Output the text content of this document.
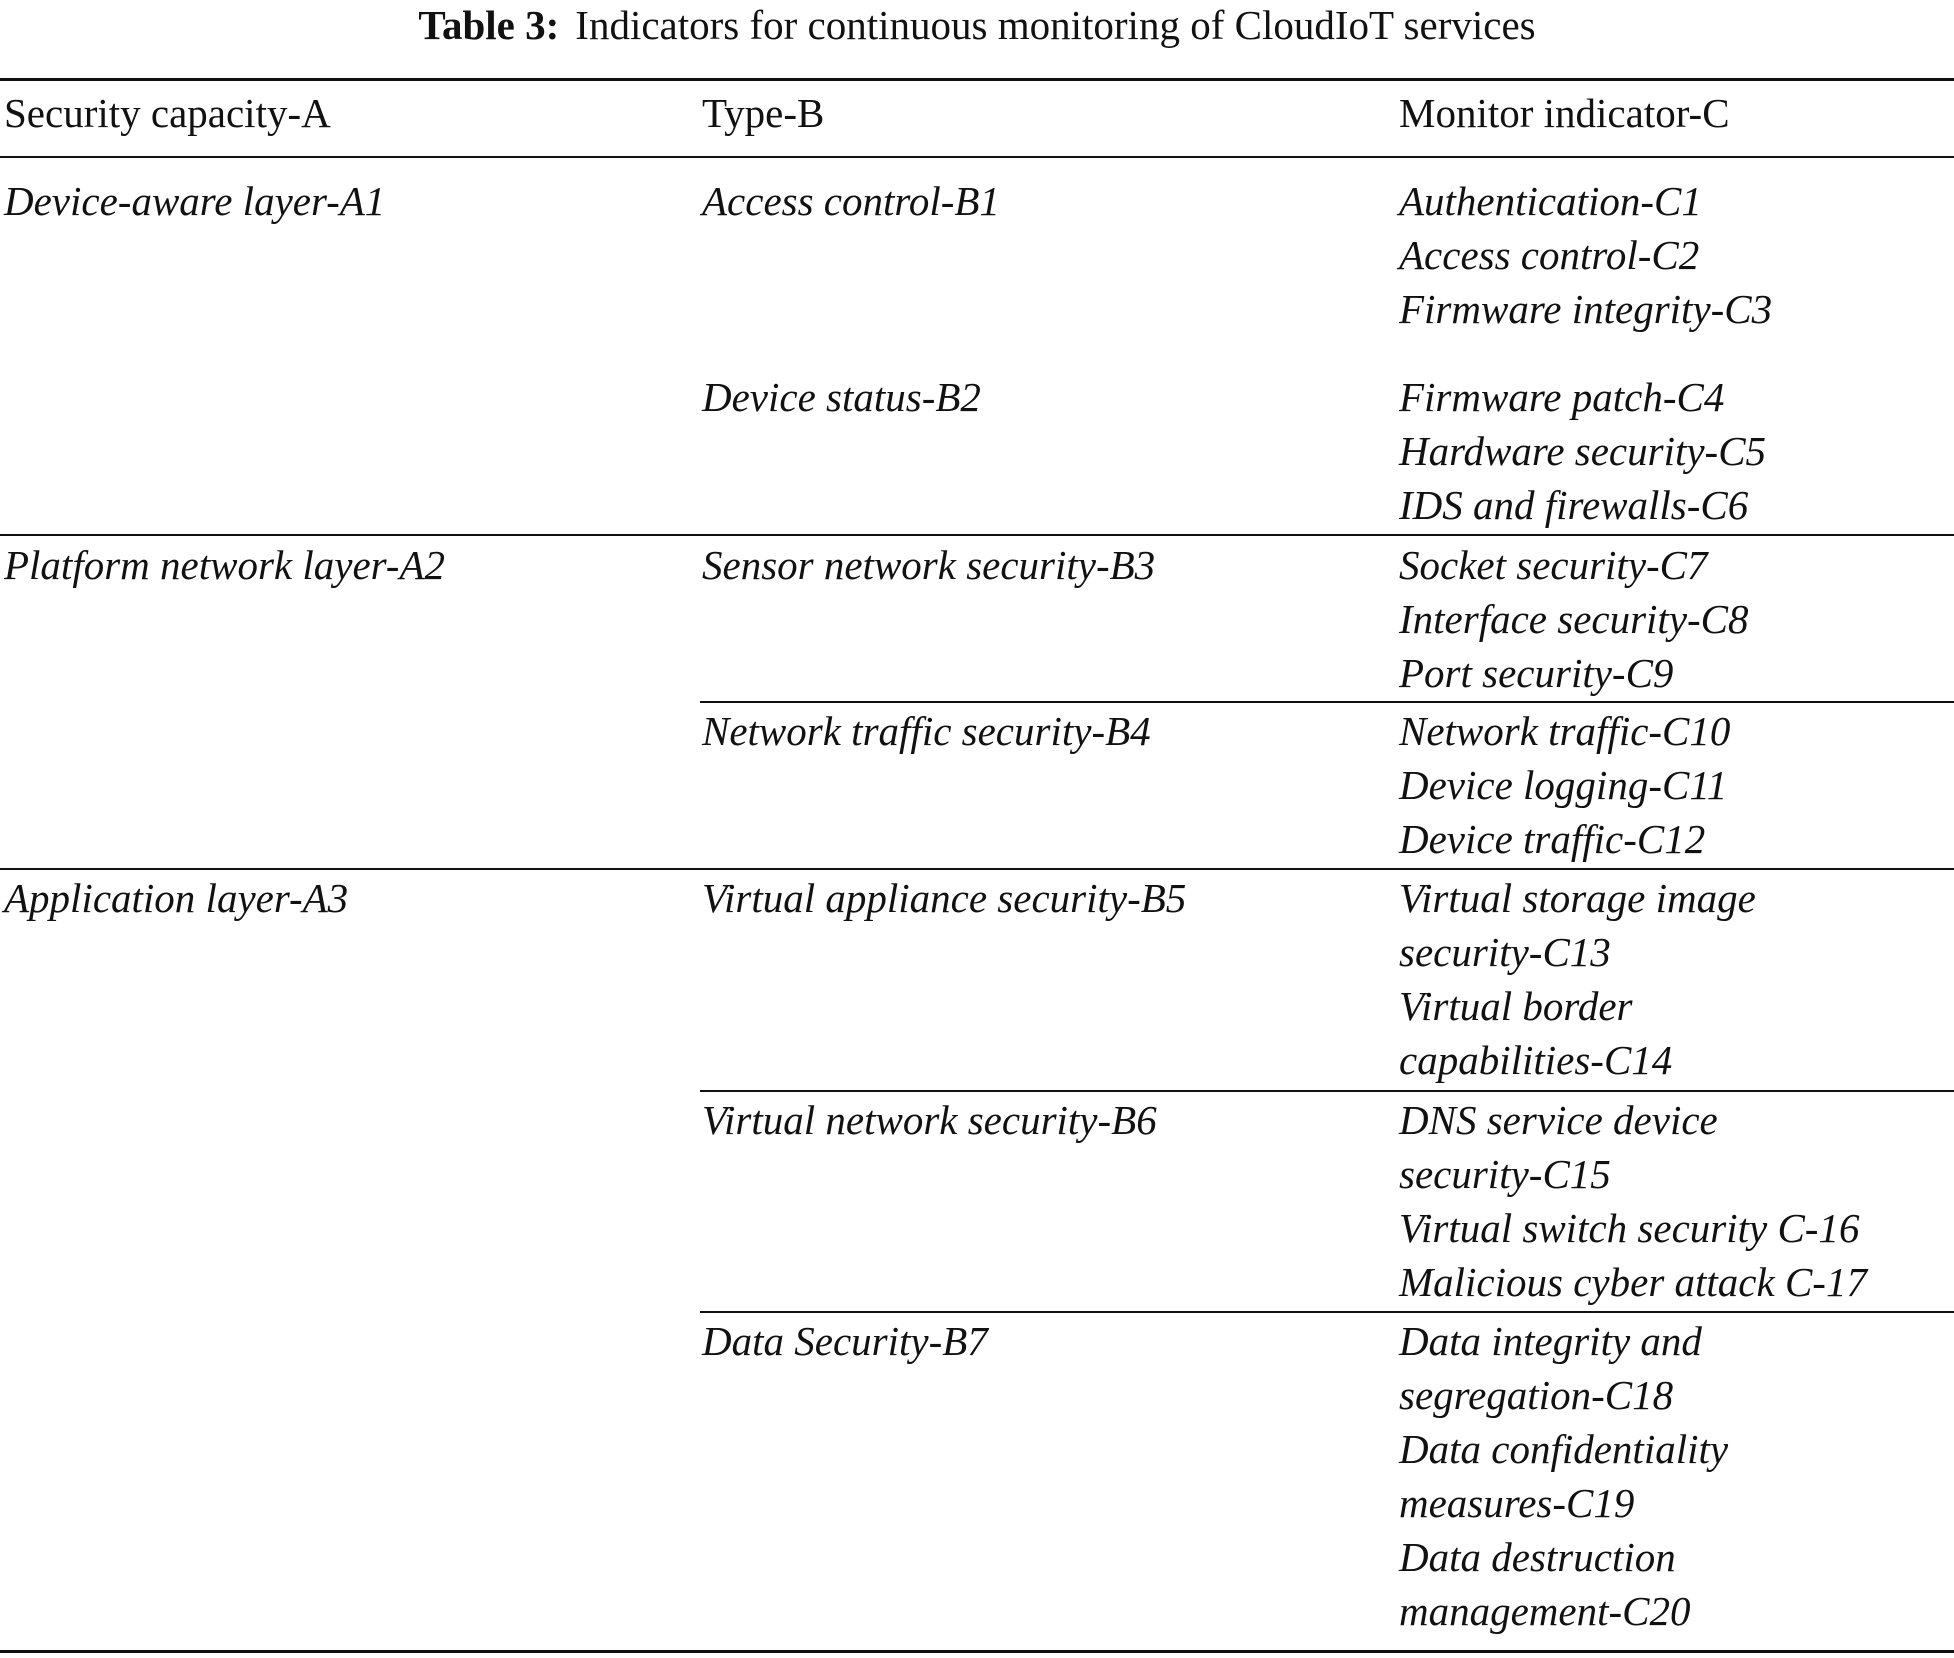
Table 3: Indicators for continuous monitoring of CloudIoT services
Security capacity-A	Type-B	Monitor indicator-C
Device-aware layer-A1	Access control-B1	Authentication-C1
Access control-C2
Firmware integrity-C3
Device status-B2	Firmware patch-C4
Hardware security-C5
IDS and firewalls-C6
Platform network layer-A2	Sensor network security-B3	Socket security-C7
Interface security-C8
Port security-C9
Network traffic security-B4	Network traffic-C10
Device logging-C11
Device traffic-C12
Application layer-A3	Virtual appliance security-B5	Virtual storage image
security-C13
Virtual border
capabilities-C14
Virtual network security-B6	DNS service device
security-C15
Virtual switch security C-16
Malicious cyber attack C-17
Data Security-B7	Data integrity and
segregation-C18
Data confidentiality
measures-C19
Data destruction
management-C20
